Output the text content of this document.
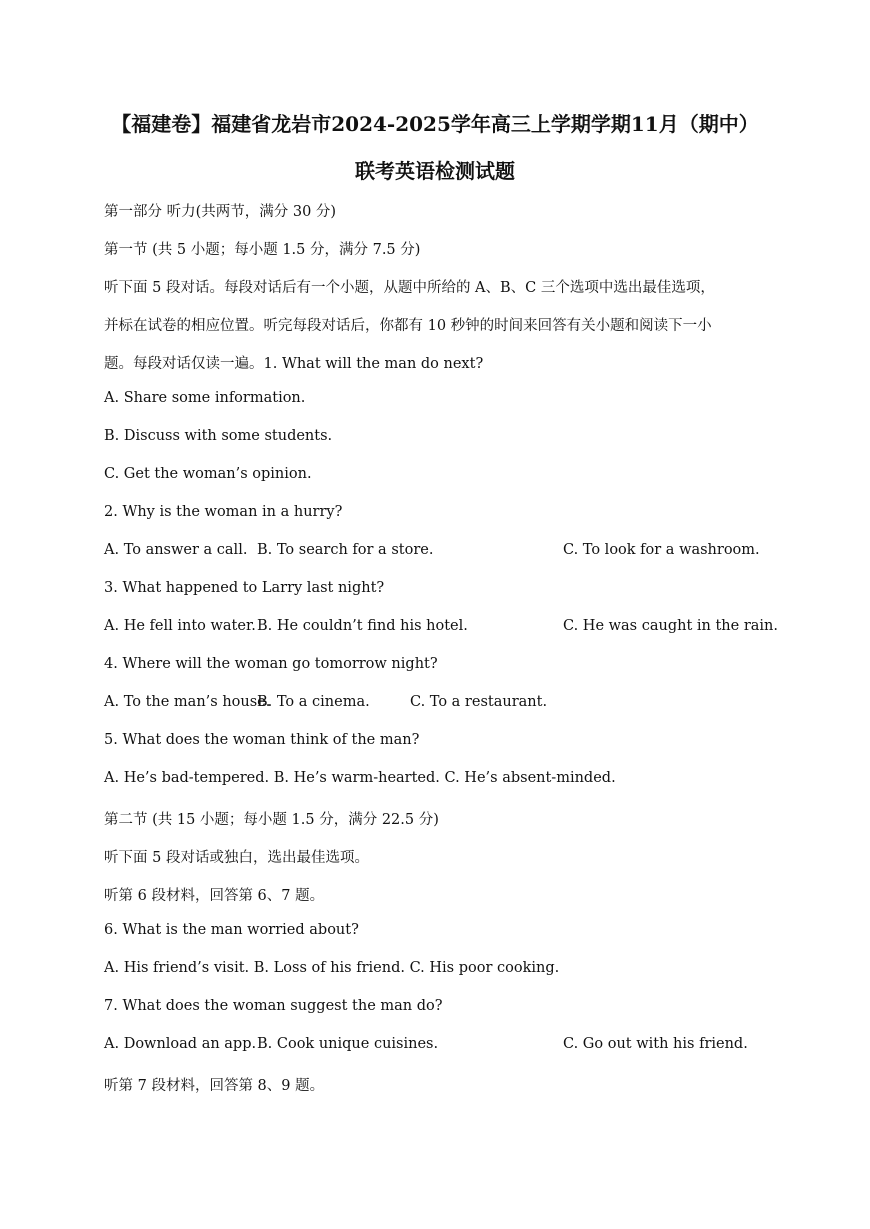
【福建卷】福建省龙岩市2024-2025学年高三上学期学期11月（期中）
联考英语检测试题
第一部分 听力(共两节，满分 30 分)
第一节 (共 5 小题；每小题 1.5 分，满分 7.5 分)
听下面 5 段对话。每段对话后有一个小题，从题中所给的 A、B、C 三个选项中选出最佳选项，
并标在试卷的相应位置。听完每段对话后，你都有 10 秒钟的时间来回答有关小题和阅读下一小
题。每段对话仅读一遍。1. What will the man do next?
A. Share some information.
B. Discuss with some students.
C. Get the woman’s opinion.
2. Why is the woman in a hurry?
A. To answer a call. B. To search for a store.	C. To look for a washroom.
3. What happened to Larry last night?
A. He fell into water. B. He couldn’t find his hotel.	C. He was caught in the rain.
4. Where will the woman go tomorrow night?
A. To the man’s house.
B. To a cinema.	C. To a restaurant.
5. What does the woman think of the man?
A. He’s bad-tempered. B. He’s warm-hearted. C. He’s absent-minded.
第二节 (共 15 小题；每小题 1.5 分，满分 22.5 分)
听下面 5 段对话或独白，选出最佳选项。
听第 6 段材料，回答第 6、7 题。
6. What is the man worried about?
A. His friend’s visit. B. Loss of his friend. C. His poor cooking.
7. What does the woman suggest the man do?
A. Download an app. B. Cook unique cuisines.	C. Go out with his friend.
听第 7 段材料，回答第 8、9 题。
